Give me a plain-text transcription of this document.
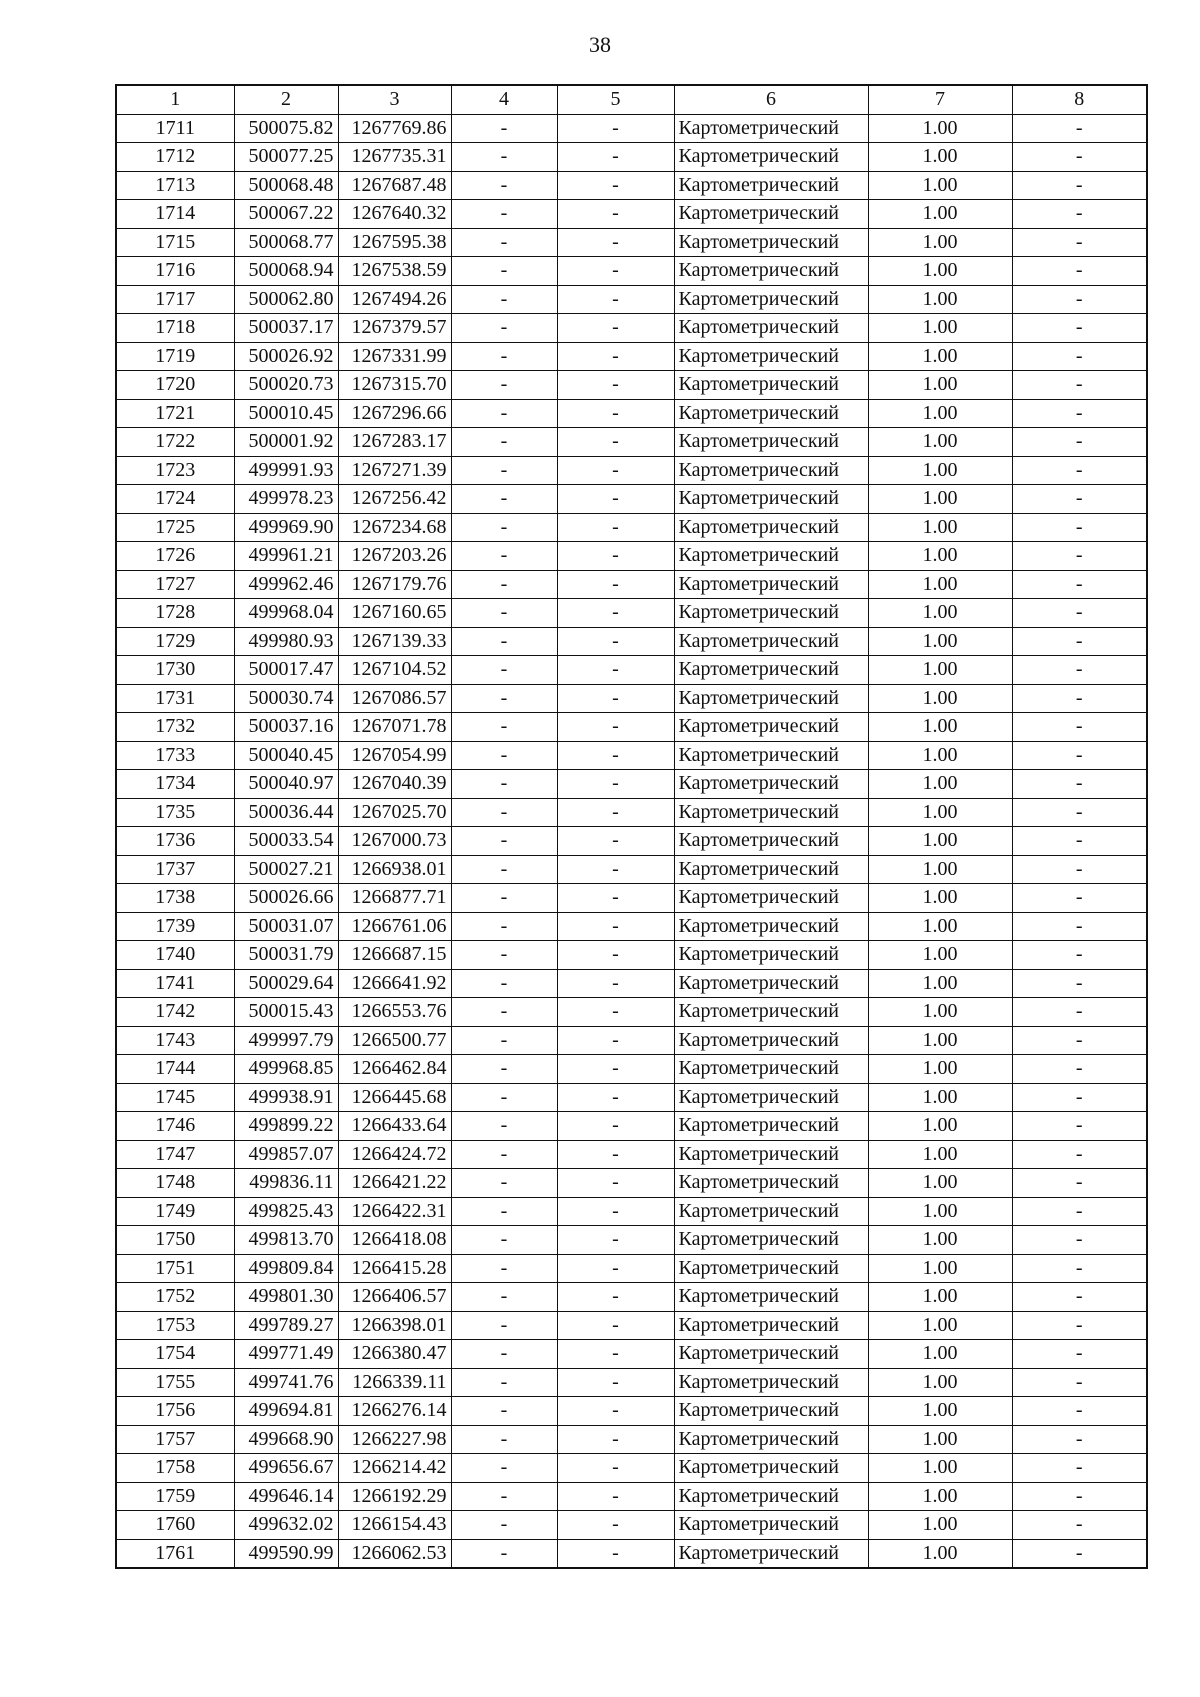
38
1	2	3	4	5	6	7	8
1711	500075.82	1267769.86	-	-	Картометрический	1.00	-
1712	500077.25	1267735.31	-	-	Картометрический	1.00	-
1713	500068.48	1267687.48	-	-	Картометрический	1.00	-
1714	500067.22	1267640.32	-	-	Картометрический	1.00	-
1715	500068.77	1267595.38	-	-	Картометрический	1.00	-
1716	500068.94	1267538.59	-	-	Картометрический	1.00	-
1717	500062.80	1267494.26	-	-	Картометрический	1.00	-
1718	500037.17	1267379.57	-	-	Картометрический	1.00	-
1719	500026.92	1267331.99	-	-	Картометрический	1.00	-
1720	500020.73	1267315.70	-	-	Картометрический	1.00	-
1721	500010.45	1267296.66	-	-	Картометрический	1.00	-
1722	500001.92	1267283.17	-	-	Картометрический	1.00	-
1723	499991.93	1267271.39	-	-	Картометрический	1.00	-
1724	499978.23	1267256.42	-	-	Картометрический	1.00	-
1725	499969.90	1267234.68	-	-	Картометрический	1.00	-
1726	499961.21	1267203.26	-	-	Картометрический	1.00	-
1727	499962.46	1267179.76	-	-	Картометрический	1.00	-
1728	499968.04	1267160.65	-	-	Картометрический	1.00	-
1729	499980.93	1267139.33	-	-	Картометрический	1.00	-
1730	500017.47	1267104.52	-	-	Картометрический	1.00	-
1731	500030.74	1267086.57	-	-	Картометрический	1.00	-
1732	500037.16	1267071.78	-	-	Картометрический	1.00	-
1733	500040.45	1267054.99	-	-	Картометрический	1.00	-
1734	500040.97	1267040.39	-	-	Картометрический	1.00	-
1735	500036.44	1267025.70	-	-	Картометрический	1.00	-
1736	500033.54	1267000.73	-	-	Картометрический	1.00	-
1737	500027.21	1266938.01	-	-	Картометрический	1.00	-
1738	500026.66	1266877.71	-	-	Картометрический	1.00	-
1739	500031.07	1266761.06	-	-	Картометрический	1.00	-
1740	500031.79	1266687.15	-	-	Картометрический	1.00	-
1741	500029.64	1266641.92	-	-	Картометрический	1.00	-
1742	500015.43	1266553.76	-	-	Картометрический	1.00	-
1743	499997.79	1266500.77	-	-	Картометрический	1.00	-
1744	499968.85	1266462.84	-	-	Картометрический	1.00	-
1745	499938.91	1266445.68	-	-	Картометрический	1.00	-
1746	499899.22	1266433.64	-	-	Картометрический	1.00	-
1747	499857.07	1266424.72	-	-	Картометрический	1.00	-
1748	499836.11	1266421.22	-	-	Картометрический	1.00	-
1749	499825.43	1266422.31	-	-	Картометрический	1.00	-
1750	499813.70	1266418.08	-	-	Картометрический	1.00	-
1751	499809.84	1266415.28	-	-	Картометрический	1.00	-
1752	499801.30	1266406.57	-	-	Картометрический	1.00	-
1753	499789.27	1266398.01	-	-	Картометрический	1.00	-
1754	499771.49	1266380.47	-	-	Картометрический	1.00	-
1755	499741.76	1266339.11	-	-	Картометрический	1.00	-
1756	499694.81	1266276.14	-	-	Картометрический	1.00	-
1757	499668.90	1266227.98	-	-	Картометрический	1.00	-
1758	499656.67	1266214.42	-	-	Картометрический	1.00	-
1759	499646.14	1266192.29	-	-	Картометрический	1.00	-
1760	499632.02	1266154.43	-	-	Картометрический	1.00	-
1761	499590.99	1266062.53	-	-	Картометрический	1.00	-
